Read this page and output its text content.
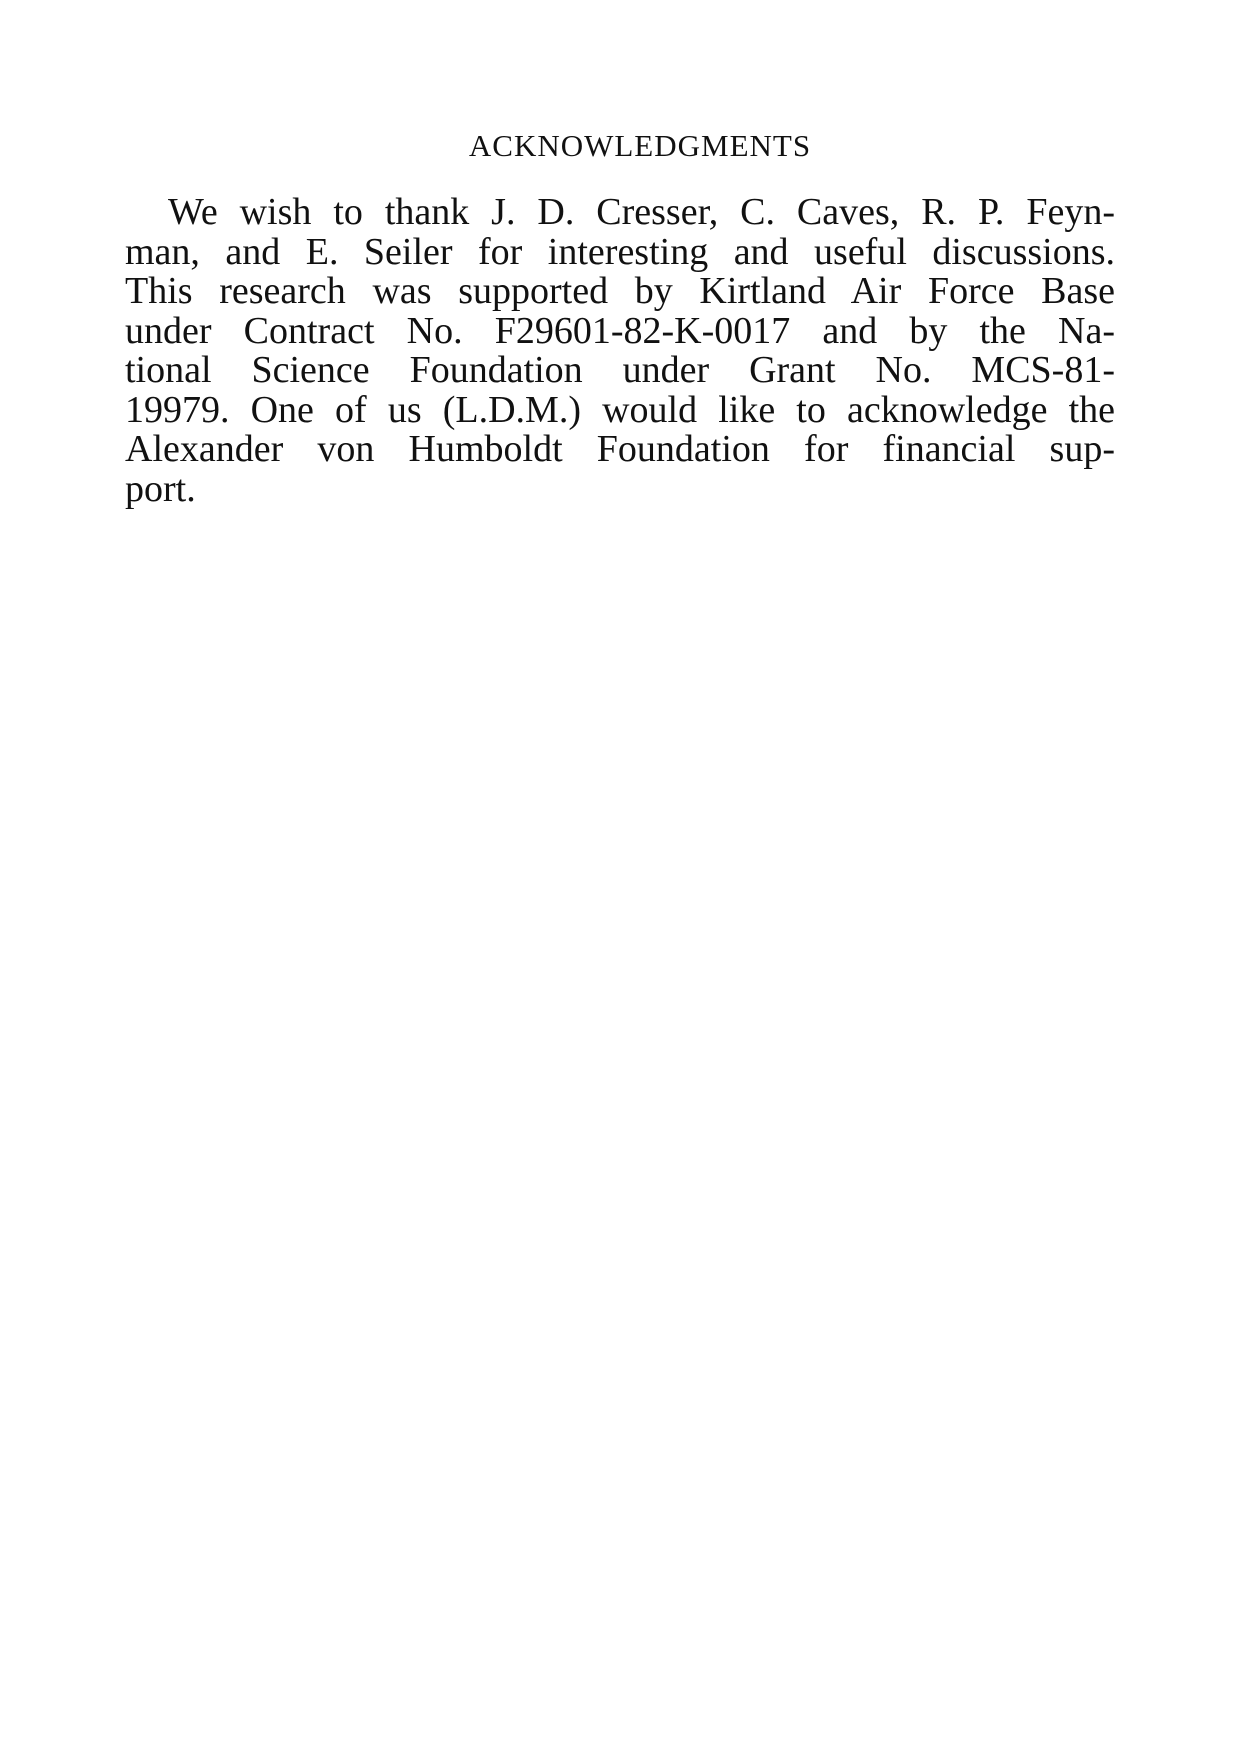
ACKNOWLEDGMENTS
We wish to thank J. D. Cresser, C. Caves, R. P. Feyn-
man, and E. Seiler for interesting and useful discussions.
This research was supported by Kirtland Air Force Base
under Contract No. F29601-82-K-0017 and by the Na-
tional Science Foundation under Grant No. MCS-81-
19979. One of us (L.D.M.) would like to acknowledge the
Alexander von Humboldt Foundation for financial sup-
port.
